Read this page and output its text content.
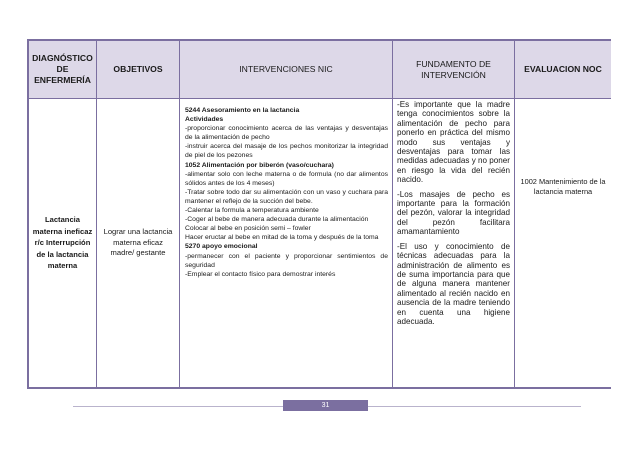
DIAGNÓSTICO DE ENFERMERÍA
OBJETIVOS	INTERVENCIONES NIC
FUNDAMENTO DE INTERVENCIÓN
EVALUACION NOC
Lactancia materna ineficaz r/c Interrupción de la lactancia materna
Lograr una lactancia materna eficaz madre/ gestante
5244 Asesoramiento en la lactancia
Actividades
-proporcionar conocimiento acerca de las ventajas y desventajas de la alimentación de pecho
-instruir acerca del masaje de los pechos monitorizar la integridad de piel de los pezones
1052 Alimentación por biberón (vaso/cuchara)
-alimentar solo con leche materna o de formula (no dar alimentos sólidos antes de los 4 meses)
-Tratar sobre todo dar su alimentación con un vaso y cuchara para mantener el reflejo de la succión del bebe.
-Calentar la formula a temperatura ambiente
-Coger al bebe de manera adecuada durante la alimentación
Colocar al bebe en posición semi – fowler
Hacer eructar al bebe en mitad de la toma y después de la toma
5270 apoyo emocional
-permanecer con el paciente y proporcionar sentimientos de seguridad
-Emplear el contacto físico para demostrar interés

-Es importante que la madre tenga conocimientos sobre la alimentación de pecho para ponerlo en práctica del mismo modo sus ventajas y desventajas para tomar las medidas adecuadas y no poner en riesgo la vida del recién nacido.

-Los masajes de pecho es importante para la formación del pezón, valorar la integridad del pezón facilitara amamantamiento

-El uso y conocimiento de técnicas adecuadas para la administración de alimento es de suma importancia para que de alguna manera mantener alimentado al recién nacido en ausencia de la madre teniendo en cuenta una higiene adecuada.

1002 Mantenimiento de la lactancia materna
31
